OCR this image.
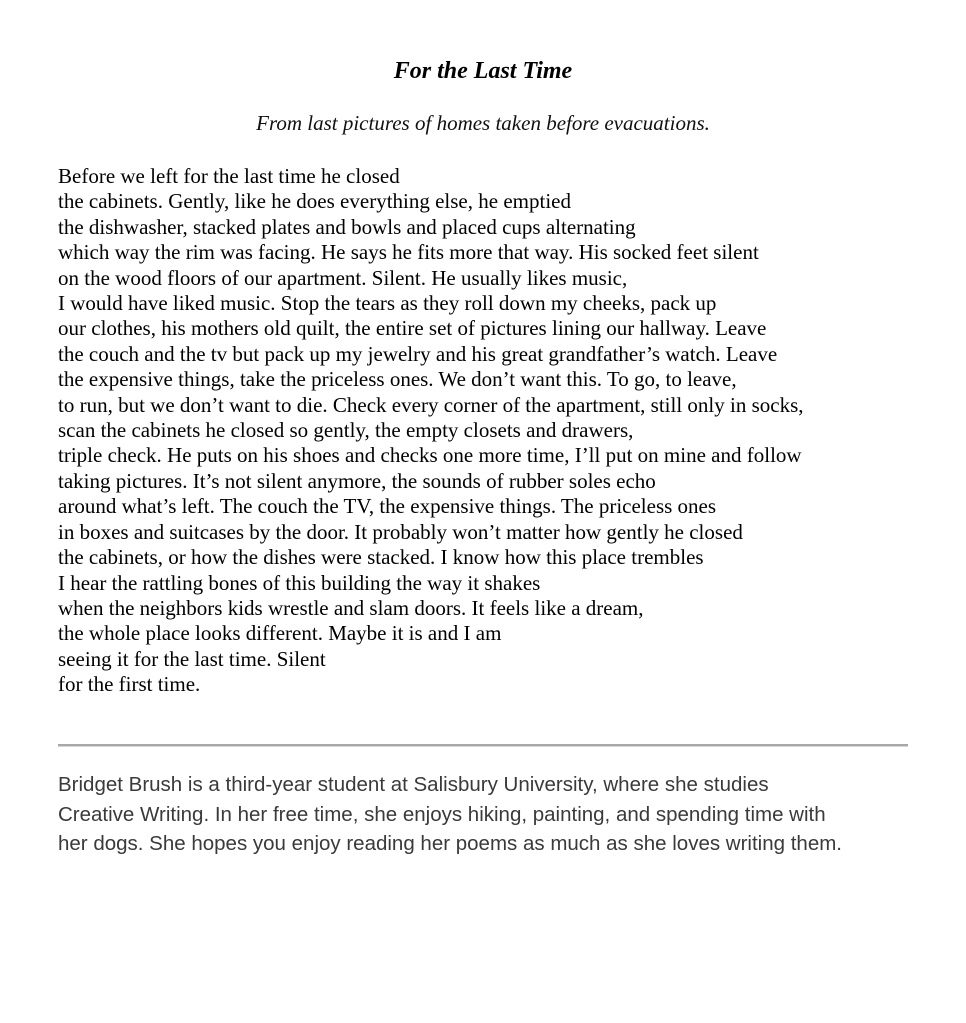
For the Last Time

From last pictures of homes taken before evacuations.

Before we left for the last time he closed
the cabinets. Gently, like he does everything else, he emptied
the dishwasher, stacked plates and bowls and placed cups alternating
which way the rim was facing. He says he fits more that way. His socked feet silent
on the wood floors of our apartment. Silent. He usually likes music,
I would have liked music. Stop the tears as they roll down my cheeks, pack up
our clothes, his mothers old quilt, the entire set of pictures lining our hallway. Leave
the couch and the tv but pack up my jewelry and his great grandfather’s watch. Leave
the expensive things, take the priceless ones. We don’t want this. To go, to leave,
to run, but we don’t want to die. Check every corner of the apartment, still only in socks,
scan the cabinets he closed so gently, the empty closets and drawers,
triple check. He puts on his shoes and checks one more time, I’ll put on mine and follow
taking pictures. It’s not silent anymore, the sounds of rubber soles echo
around what’s left. The couch the TV, the expensive things. The priceless ones
in boxes and suitcases by the door. It probably won’t matter how gently he closed
the cabinets, or how the dishes were stacked. I know how this place trembles
I hear the rattling bones of this building the way it shakes
when the neighbors kids wrestle and slam doors. It feels like a dream,
the whole place looks different. Maybe it is and I am
seeing it for the last time. Silent
for the first time.
Bridget Brush is a third-year student at Salisbury University, where she studies
Creative Writing. In her free time, she enjoys hiking, painting, and spending time with
her dogs. She hopes you enjoy reading her poems as much as she loves writing them.
